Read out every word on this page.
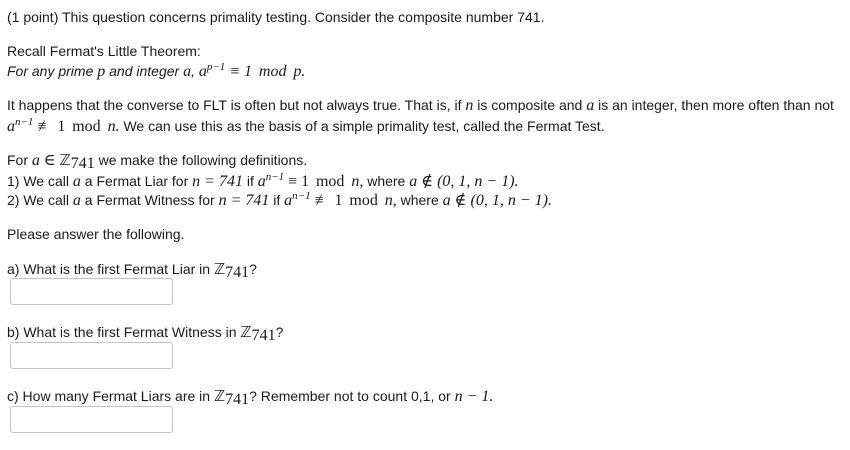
(1 point) This question concerns primality testing. Consider the composite number 741.
Recall Fermat's Little Theorem:
For any prime p and integer a, $a^{p-1} \equiv 1$ mod p.
It happens that the converse to FLT is often but not always true. That is, if n is composite and a is an integer, then more often than not
$a^{n-1}$ ≢ 1 mod n. We can use this as the basis of a simple primality test, called the Fermat Test.
For a ∈ ℤ$_{741}$ we make the following definitions.
1) We call a a Fermat Liar for n = 741 if $a^{n-1} \equiv 1$ mod n, where a ∉ (0, 1, n − 1).
2) We call a a Fermat Witness for n = 741 if $a^{n-1}$ ≢ 1 mod n, where a ∉ (0, 1, n − 1).
Please answer the following.
a) What is the first Fermat Liar in ℤ$_{741}$?
b) What is the first Fermat Witness in ℤ$_{741}$?
c) How many Fermat Liars are in ℤ$_{741}$? Remember not to count 0,1, or n − 1.
